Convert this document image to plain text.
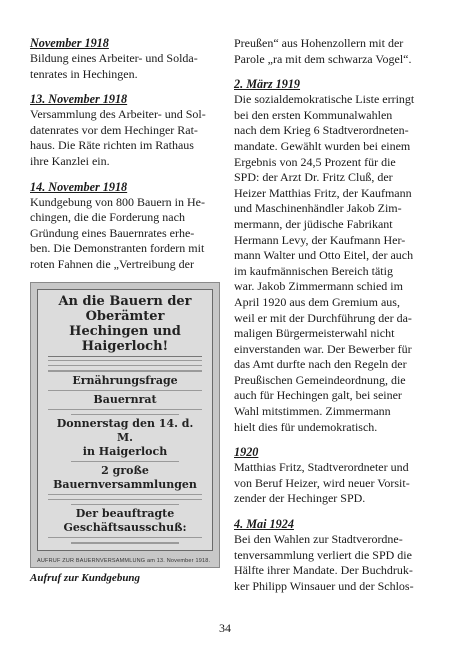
November 1918

Bildung eines Arbeiter- und Solda-
tenrates in Hechingen.

13. November 1918

Versammlung des Arbeiter- und Sol-
datenrates vor dem Hechinger Rat-
haus. Die Räte richten im Rathaus
ihre Kanzlei ein.

14. November 1918

Kundgebung von 800 Bauern in He-
chingen, die die Forderung nach
Gründung eines Bauernrates erhe-
ben. Die Demonstranten fordern mit
roten Fahnen die „Vertreibung der

An die Bauern der Oberämter
Hechingen und Haigerloch!
Ernährungsfrage
Bauernrat
Donnerstag den 14. d. M.
in Haigerloch
2 große Bauernversammlungen
Der beauftragte Geschäftsausschuß:
AUFRUF ZUR BAUERNVERSAMMLUNG am 13. November 1918.
Aufruf zur Kundgebung

Preußen“ aus Hohenzollern mit der
Parole „ra mit dem schwarza Vogel“.

2. März 1919

Die sozialdemokratische Liste erringt
bei den ersten Kommunalwahlen
nach dem Krieg 6 Stadtverordneten-
mandate. Gewählt wurden bei einem
Ergebnis von 24,5 Prozent für die
SPD: der Arzt Dr. Fritz Cluß, der
Heizer Matthias Fritz, der Kaufmann
und Maschinenhändler Jakob Zim-
mermann, der jüdische Fabrikant
Hermann Levy, der Kaufmann Her-
mann Walter und Otto Eitel, der auch
im kaufmännischen Bereich tätig
war. Jakob Zimmermann schied im
April 1920 aus dem Gremium aus,
weil er mit der Durchführung der da-
maligen Bürgermeisterwahl nicht
einverstanden war. Der Bewerber für
das Amt durfte nach den Regeln der
Preußischen Gemeindeordnung, die
auch für Hechingen galt, bei seiner
Wahl mitstimmen. Zimmermann
hielt dies für undemokratisch.

1920

Matthias Fritz, Stadtverordneter und
von Beruf Heizer, wird neuer Vorsit-
zender der Hechinger SPD.

4. Mai 1924

Bei den Wahlen zur Stadtverordne-
tenversammlung verliert die SPD die
Hälfte ihrer Mandate. Der Buchdruk-
ker Philipp Winsauer und der Schlos-

34
